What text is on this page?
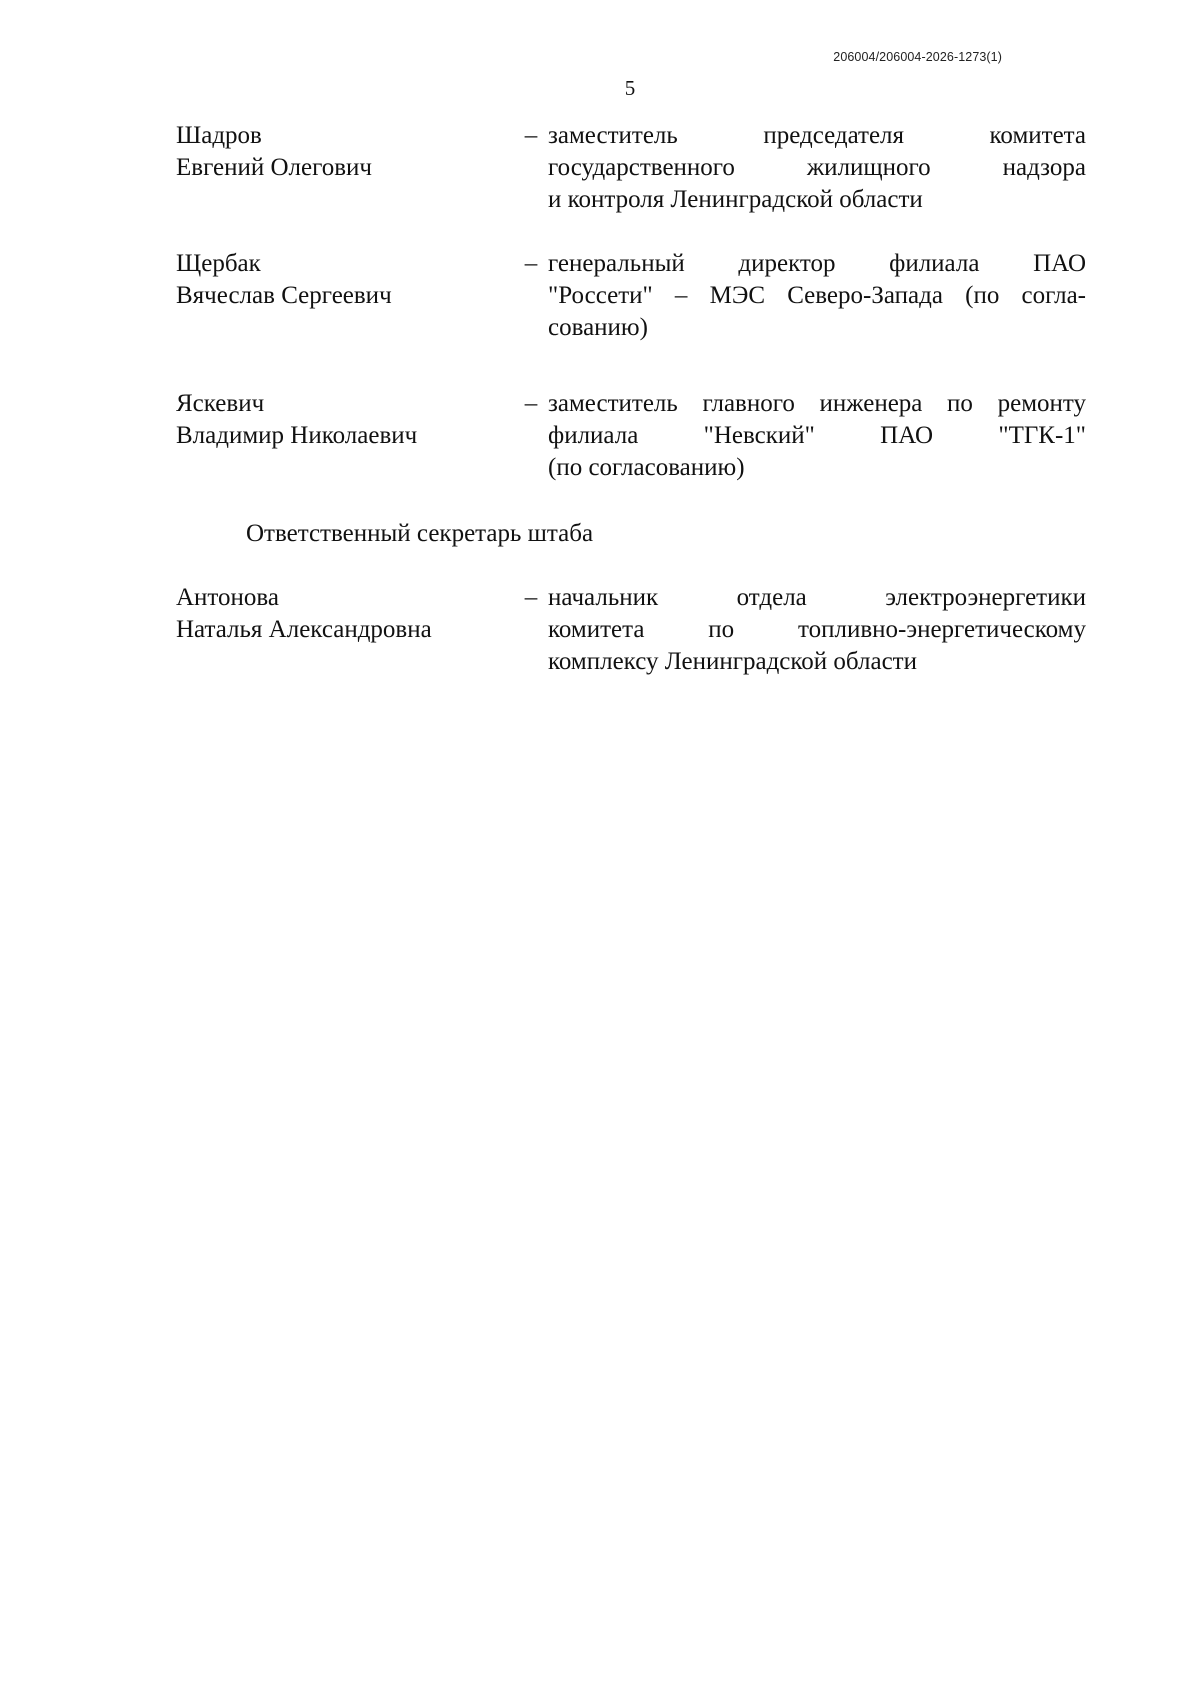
206004/206004-2026-1273(1)
5
Шадров
Евгений Олегович
– заместитель председателя комитета
государственного жилищного надзора
и контроля Ленинградской области
Щербак
Вячеслав Сергеевич
– генеральный директор филиала ПАО
"Россети" – МЭС Северо-Запада (по согла-
сованию)
Яскевич
Владимир Николаевич
– заместитель главного инженера по ремонту
филиала "Невский" ПАО "ТГК-1"
(по согласованию)
Ответственный секретарь штаба
Антонова
Наталья Александровна
– начальник отдела электроэнергетики
комитета по топливно-энергетическому
комплексу Ленинградской области
